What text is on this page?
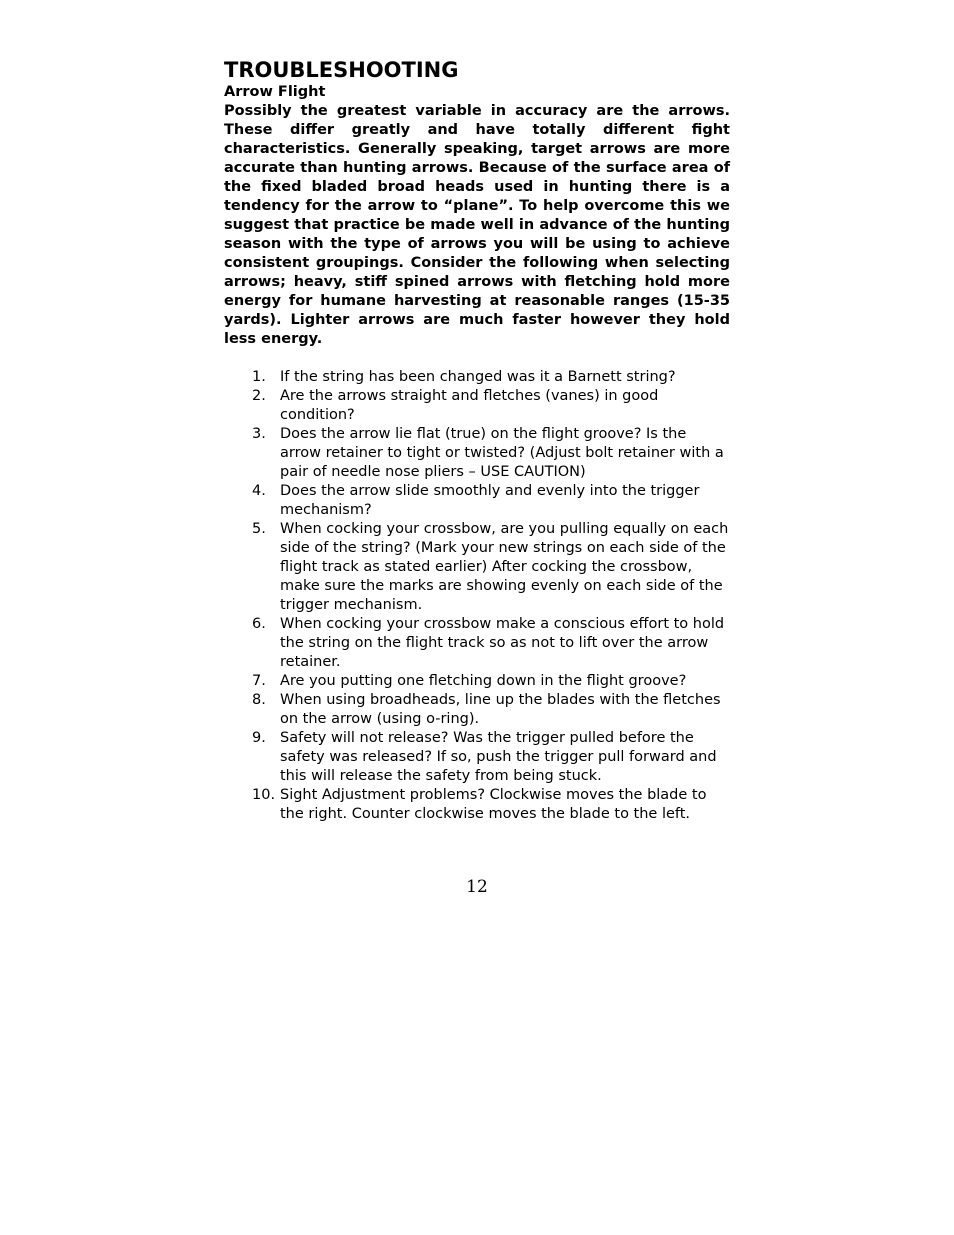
TROUBLESHOOTING
Arrow Flight

Possibly the greatest variable in accuracy are the arrows. These differ greatly and have totally different fight characteristics. Generally speaking, target arrows are more accurate than hunting arrows. Because of the surface area of the fixed bladed broad heads used in hunting there is a tendency for the arrow to “plane”. To help overcome this we suggest that practice be made well in advance of the hunting season with the type of arrows you will be using to achieve consistent groupings. Consider the following when selecting arrows; heavy, stiff spined arrows with fletching hold more energy for humane harvesting at reasonable ranges (15-35 yards). Lighter arrows are much faster however they hold less energy.

1. If the string has been changed was it a Barnett string?
2. Are the arrows straight and fletches (vanes) in good condition?
3. Does the arrow lie flat (true) on the flight groove? Is the arrow retainer to tight or twisted? (Adjust bolt retainer with a pair of needle nose pliers – USE CAUTION)
4. Does the arrow slide smoothly and evenly into the trigger mechanism?
5. When cocking your crossbow, are you pulling equally on each side of the string? (Mark your new strings on each side of the flight track as stated earlier) After cocking the crossbow, make sure the marks are showing evenly on each side of the trigger mechanism.
6. When cocking your crossbow make a conscious effort to hold the string on the flight track so as not to lift over the arrow retainer.
7. Are you putting one fletching down in the flight groove?
8. When using broadheads, line up the blades with the fletches on the arrow (using o-ring).
9. Safety will not release? Was the trigger pulled before the safety was released? If so, push the trigger pull forward and this will release the safety from being stuck.
10. Sight Adjustment problems? Clockwise moves the blade to the right. Counter clockwise moves the blade to the left.
12
